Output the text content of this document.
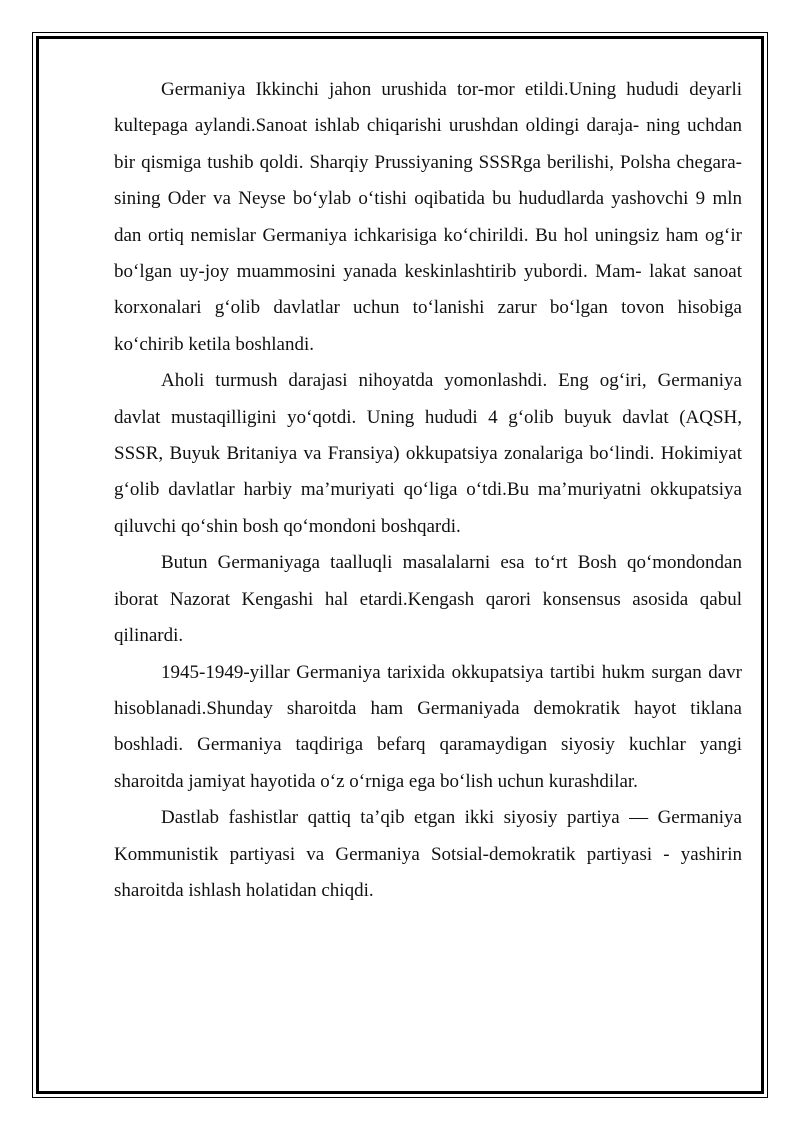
Germaniya Ikkinchi jahon urushida tor-mor etildi.Uning hududi deyarli kultepaga aylandi.Sanoat ishlab chiqarishi urushdan oldingi daraja- ning uchdan bir qismiga tushib qoldi. Sharqiy Prussiyaning SSSRga berilishi, Polsha chegara- sining Oder va Neyse bo‘ylab o‘tishi oqibatida bu hududlarda yashovchi 9 mln dan ortiq nemislar Germaniya ichkarisiga ko‘chirildi. Bu hol uningsiz ham og‘ir bo‘lgan uy-joy muammosini yanada keskinlashtirib yubordi. Mam- lakat sanoat korxonalari g‘olib davlatlar uchun to‘lanishi zarur bo‘lgan tovon hisobiga ko‘chirib ketila boshlandi.

Aholi turmush darajasi nihoyatda yomonlashdi. Eng og‘iri, Germaniya davlat mustaqilligini yo‘qotdi. Uning hududi 4 g‘olib buyuk davlat (AQSH, SSSR, Buyuk Britaniya va Fransiya) okkupatsiya zonalariga bo‘lindi. Hokimiyat g‘olib davlatlar harbiy ma’muriyati qo‘liga o‘tdi.Bu ma’muriyatni okkupatsiya qiluvchi qo‘shin bosh qo‘mondoni boshqardi.

Butun Germaniyaga taalluqli masalalarni esa to‘rt Bosh qo‘mondondan iborat Nazorat Kengashi hal etardi.Kengash qarori konsensus asosida qabul qilinardi.

1945-1949-yillar Germaniya tarixida okkupatsiya tartibi hukm surgan davr hisoblanadi.Shunday sharoitda ham Germaniyada demokratik hayot tiklana boshladi. Germaniya taqdiriga befarq qaramaydigan siyosiy kuchlar yangi sharoitda jamiyat hayotida o‘z o‘rniga ega bo‘lish uchun kurashdilar.

Dastlab fashistlar qattiq ta’qib etgan ikki siyosiy partiya — Germaniya Kommunistik partiyasi va Germaniya Sotsial-demokratik partiyasi - yashirin sharoitda ishlash holatidan chiqdi.
